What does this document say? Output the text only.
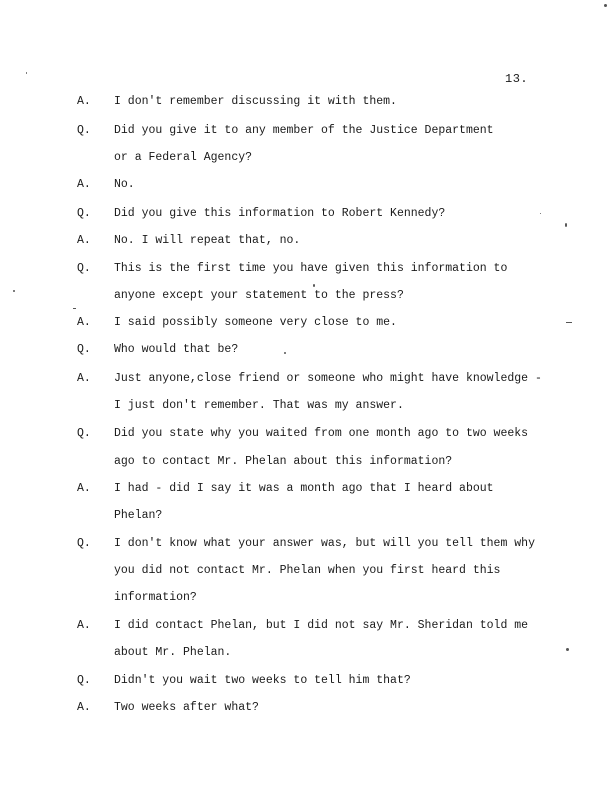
13.
A.	I don't remember discussing it with them.
Q.	Did you give it to any member of the Justice Department
or a Federal Agency?
A.	No.
Q.	Did you give this information to Robert Kennedy?
A.	No. I will repeat that, no.
Q.	This is the first time you have given this information to
anyone except your statement to the press?
A.	I said possibly someone very close to me.
Q.	Who would that be?
A.	Just anyone,close friend or someone who might have knowledge -
I just don't remember. That was my answer.
Q.	Did you state why you waited from one month ago to two weeks
ago to contact Mr. Phelan about this information?
A.	I had - did I say it was a month ago that I heard about
Phelan?
Q.	I don't know what your answer was, but will you tell them why
you did not contact Mr. Phelan when you first heard this
information?
A.	I did contact Phelan, but I did not say Mr. Sheridan told me
about Mr. Phelan.
Q.	Didn't you wait two weeks to tell him that?
A.	Two weeks after what?
